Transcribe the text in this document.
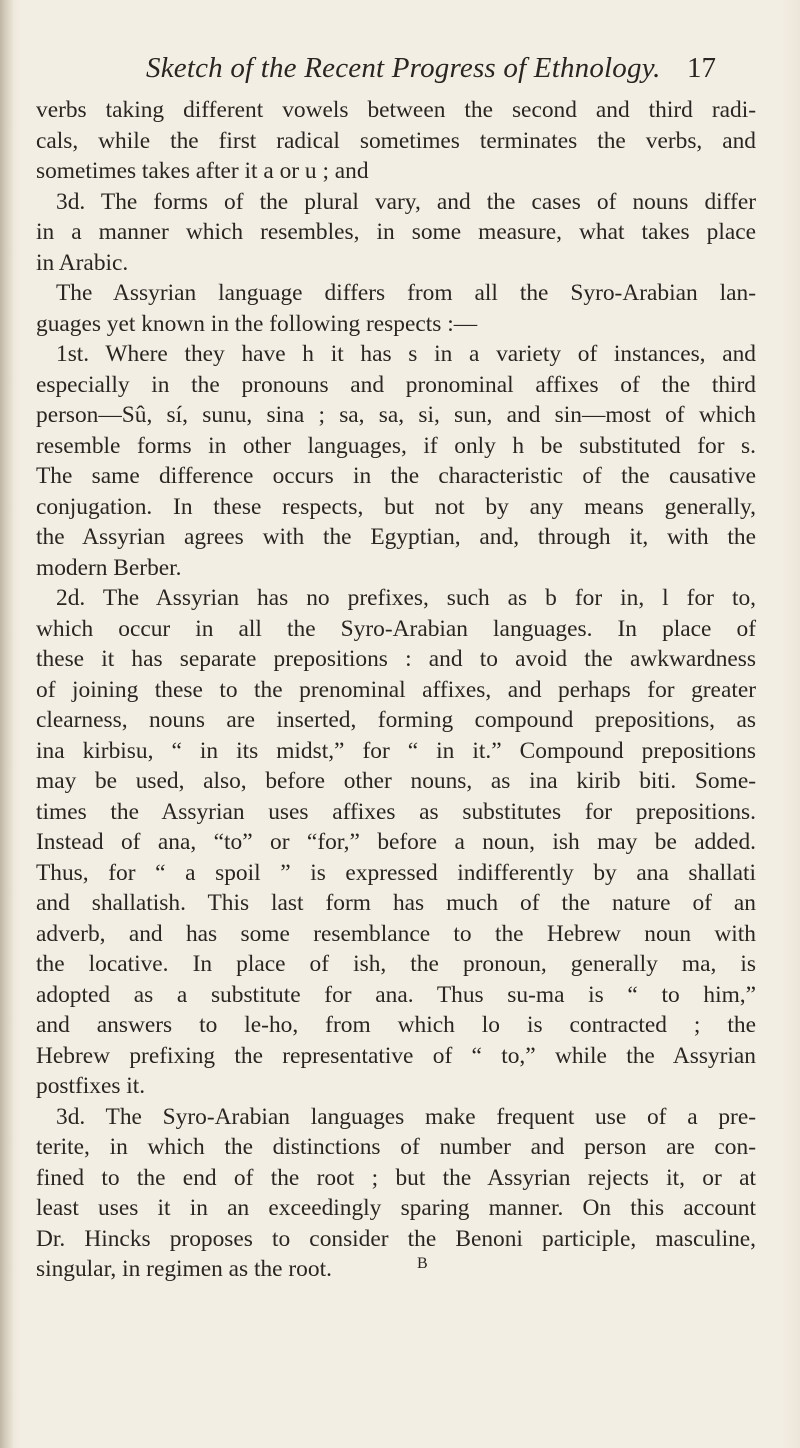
Sketch of the Recent Progress of Ethnology. 17
verbs taking different vowels between the second and third radi-
cals, while the first radical sometimes terminates the verbs, and
sometimes takes after it a or u ; and
3d. The forms of the plural vary, and the cases of nouns differ
in a manner which resembles, in some measure, what takes place
in Arabic.
The Assyrian language differs from all the Syro-Arabian lan-
guages yet known in the following respects :—
1st. Where they have h it has s in a variety of instances, and
especially in the pronouns and pronominal affixes of the third
person—Sû, sí, sunu, sina ; sa, sa, si, sun, and sin—most of which
resemble forms in other languages, if only h be substituted for s.
The same difference occurs in the characteristic of the causative
conjugation. In these respects, but not by any means generally,
the Assyrian agrees with the Egyptian, and, through it, with the
modern Berber.
2d. The Assyrian has no prefixes, such as b for in, l for to,
which occur in all the Syro-Arabian languages. In place of
these it has separate prepositions : and to avoid the awkwardness
of joining these to the prenominal affixes, and perhaps for greater
clearness, nouns are inserted, forming compound prepositions, as
ina kirbisu, “ in its midst,” for “ in it.” Compound prepositions
may be used, also, before other nouns, as ina kirib biti. Some-
times the Assyrian uses affixes as substitutes for prepositions.
Instead of ana, “to” or “for,” before a noun, ish may be added.
Thus, for “ a spoil ” is expressed indifferently by ana shallati
and shallatish. This last form has much of the nature of an
adverb, and has some resemblance to the Hebrew noun with
the locative. In place of ish, the pronoun, generally ma, is
adopted as a substitute for ana. Thus su-ma is “ to him,”
and answers to le-ho, from which lo is contracted ; the
Hebrew prefixing the representative of “ to,” while the Assyrian
postfixes it.
3d. The Syro-Arabian languages make frequent use of a pre-
terite, in which the distinctions of number and person are con-
fined to the end of the root ; but the Assyrian rejects it, or at
least uses it in an exceedingly sparing manner. On this account
Dr. Hincks proposes to consider the Benoni participle, masculine,
singular, in regimen as the root.	B
